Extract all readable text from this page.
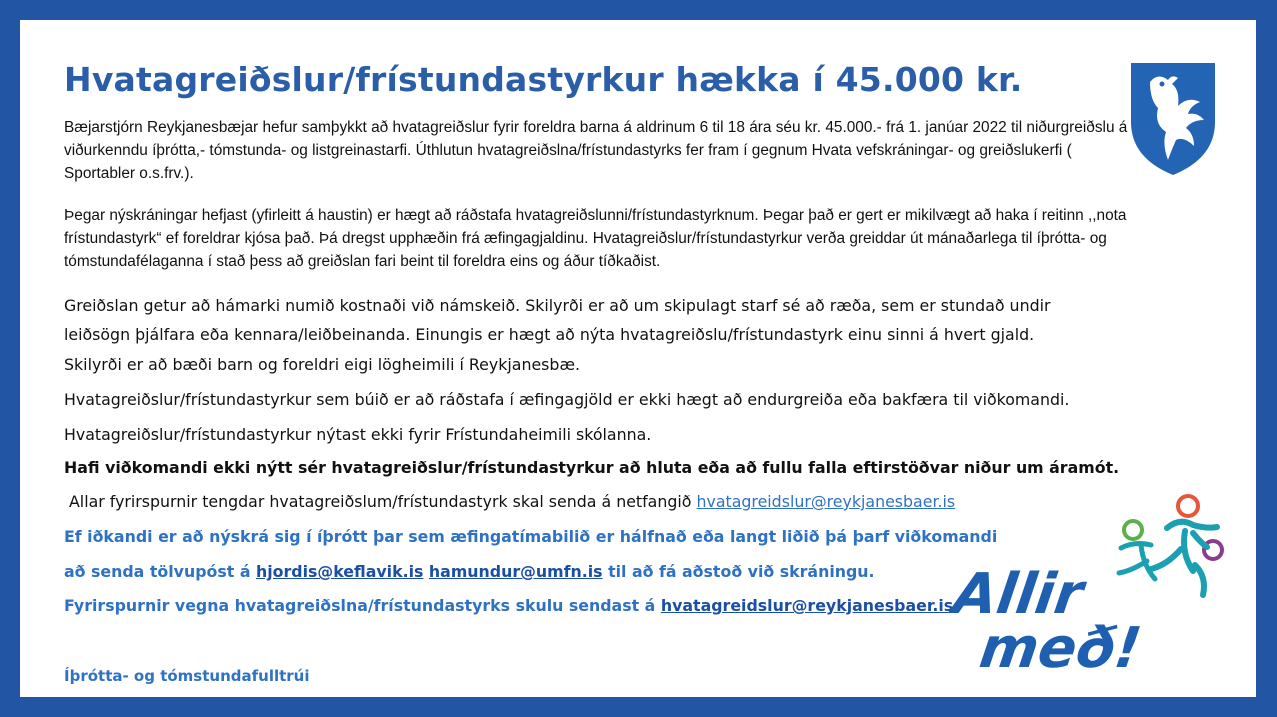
Hvatagreiðslur/frístundastyrkur hækka í 45.000 kr.
Bæjarstjórn Reykjanesbæjar hefur samþykkt að hvatagreiðslur fyrir foreldra barna á aldrinum 6 til 18 ára séu kr. 45.000.- frá 1. janúar 2022 til niðurgreiðslu á viðurkenndu íþrótta,- tómstunda- og listgreinastarfi. Úthlutun hvatagreiðslna/frístundastyrks fer fram í gegnum Hvata vefskráningar- og greiðslukerfi ( Sportabler o.s.frv.).
Þegar nýskráningar hefjast (yfirleitt á haustin) er hægt að ráðstafa hvatagreiðslunni/frístundastyrknum. Þegar það er gert er mikilvægt að haka í reitinn ,,nota frístundastyrk“ ef foreldrar kjósa það. Þá dregst upphæðin frá æfingagjaldinu. Hvatagreiðslur/frístundastyrkur verða greiddar út mánaðarlega til íþrótta- og tómstundafélaganna í stað þess að greiðslan fari beint til foreldra eins og áður tíðkaðist.
Greiðslan getur að hámarki numið kostnaði við námskeið. Skilyrði er að um skipulagt starf sé að ræða, sem er stundað undir
leiðsögn þjálfara eða kennara/leiðbeinanda. Einungis er hægt að nýta hvatagreiðslu/frístundastyrk einu sinni á hvert gjald.
Skilyrði er að bæði barn og foreldri eigi lögheimili í Reykjanesbæ.
Hvatagreiðslur/frístundastyrkur sem búið er að ráðstafa í æfingagjöld er ekki hægt að endurgreiða eða bakfæra til viðkomandi.
Hvatagreiðslur/frístundastyrkur nýtast ekki fyrir Frístundaheimili skólanna.
Hafi viðkomandi ekki nýtt sér hvatagreiðslur/frístundastyrkur að hluta eða að fullu falla eftirstöðvar niður um áramót.
Allar fyrirspurnir tengdar hvatagreiðslum/frístundastyrk skal senda á netfangið hvatagreidslur@reykjanesbaer.is
Ef iðkandi er að nýskrá sig í íþrótt þar sem æfingatímabilið er hálfnað eða langt liðið þá þarf viðkomandi
að senda tölvupóst á hjordis@keflavik.is hamundur@umfn.is til að fá aðstoð við skráningu.
Fyrirspurnir vegna hvatagreiðslna/frístundastyrks skulu sendast á hvatagreidslur@reykjanesbaer.is
Íþrótta- og tómstundafulltrúi
Allir
með!
